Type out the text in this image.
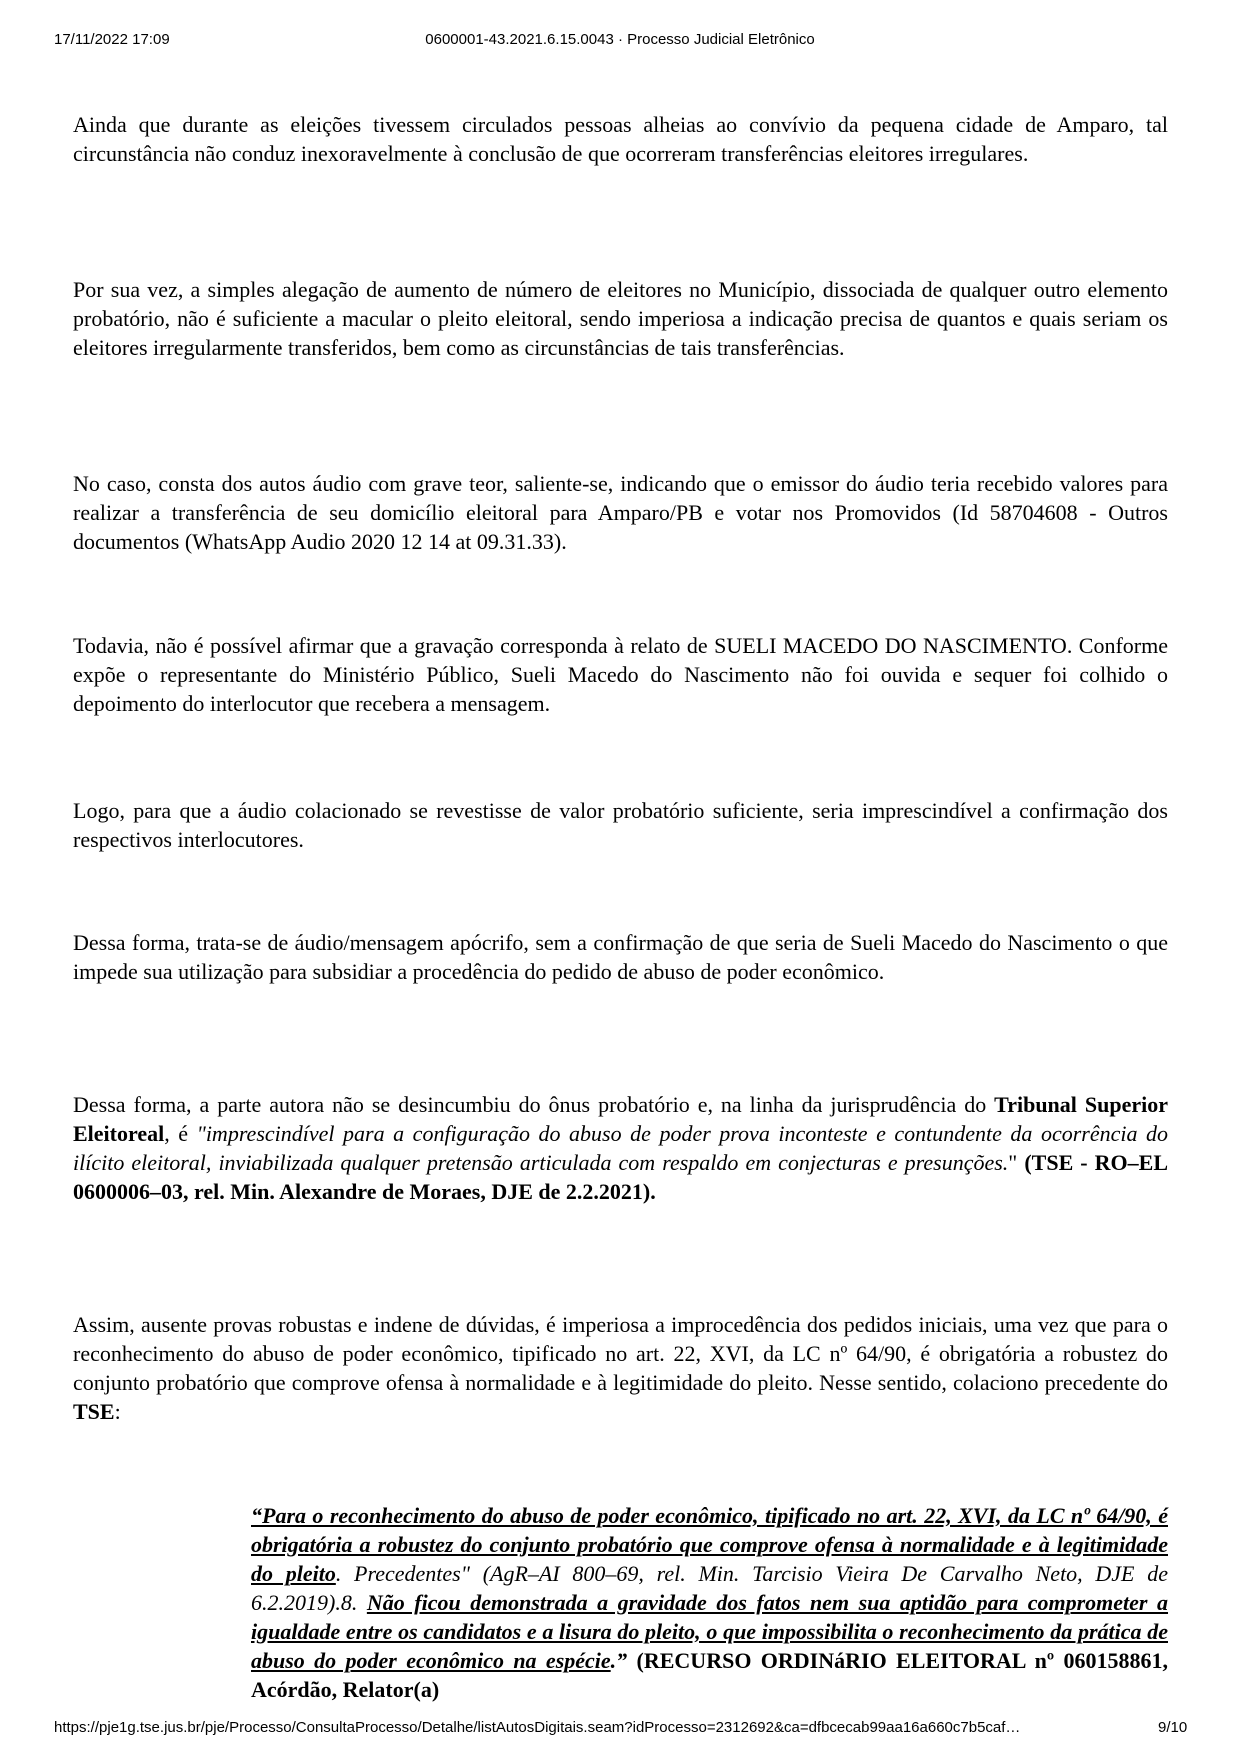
17/11/2022 17:09	0600001-43.2021.6.15.0043 · Processo Judicial Eletrônico

Ainda que durante as eleições tivessem circulados pessoas alheias ao convívio da pequena cidade de Amparo, tal circunstância não conduz inexoravelmente à conclusão de que ocorreram transferências eleitores irregulares.

Por sua vez, a simples alegação de aumento de número de eleitores no Município, dissociada de qualquer outro elemento probatório, não é suficiente a macular o pleito eleitoral, sendo imperiosa a indicação precisa de quantos e quais seriam os eleitores irregularmente transferidos, bem como as circunstâncias de tais transferências.

No caso, consta dos autos áudio com grave teor, saliente-se, indicando que o emissor do áudio teria recebido valores para realizar a transferência de seu domicílio eleitoral para Amparo/PB e votar nos Promovidos (Id 58704608 - Outros documentos (WhatsApp Audio 2020 12 14 at 09.31.33).

Todavia, não é possível afirmar que a gravação corresponda à relato de SUELI MACEDO DO NASCIMENTO. Conforme expõe o representante do Ministério Público, Sueli Macedo do Nascimento não foi ouvida e sequer foi colhido o depoimento do interlocutor que recebera a mensagem.

Logo, para que a áudio colacionado se revestisse de valor probatório suficiente, seria imprescindível a confirmação dos respectivos interlocutores.

Dessa forma, trata-se de áudio/mensagem apócrifo, sem a confirmação de que seria de Sueli Macedo do Nascimento o que impede sua utilização para subsidiar a procedência do pedido de abuso de poder econômico.

Dessa forma, a parte autora não se desincumbiu do ônus probatório e, na linha da jurisprudência do Tribunal Superior Eleitoreal, é "imprescindível para a configuração do abuso de poder prova inconteste e contundente da ocorrência do ilícito eleitoral, inviabilizada qualquer pretensão articulada com respaldo em conjecturas e presunções." (TSE - RO–EL 0600006–03, rel. Min. Alexandre de Moraes, DJE de 2.2.2021).

Assim, ausente provas robustas e indene de dúvidas, é imperiosa a improcedência dos pedidos iniciais, uma vez que para o reconhecimento do abuso de poder econômico, tipificado no art. 22, XVI, da LC nº 64/90, é obrigatória a robustez do conjunto probatório que comprove ofensa à normalidade e à legitimidade do pleito. Nesse sentido, colaciono precedente do TSE:

“Para o reconhecimento do abuso de poder econômico, tipificado no art. 22, XVI, da LC nº 64/90, é obrigatória a robustez do conjunto probatório que comprove ofensa à normalidade e à legitimidade do pleito. Precedentes" (AgR–AI 800–69, rel. Min. Tarcisio Vieira De Carvalho Neto, DJE de 6.2.2019).8. Não ficou demonstrada a gravidade dos fatos nem sua aptidão para comprometer a igualdade entre os candidatos e a lisura do pleito, o que impossibilita o reconhecimento da prática de abuso do poder econômico na espécie.” (RECURSO ORDINáRIO ELEITORAL nº 060158861, Acórdão, Relator(a)

https://pje1g.tse.jus.br/pje/Processo/ConsultaProcesso/Detalhe/listAutosDigitais.seam?idProcesso=2312692&ca=dfbcecab99aa16a660c7b5caf…	9/10
